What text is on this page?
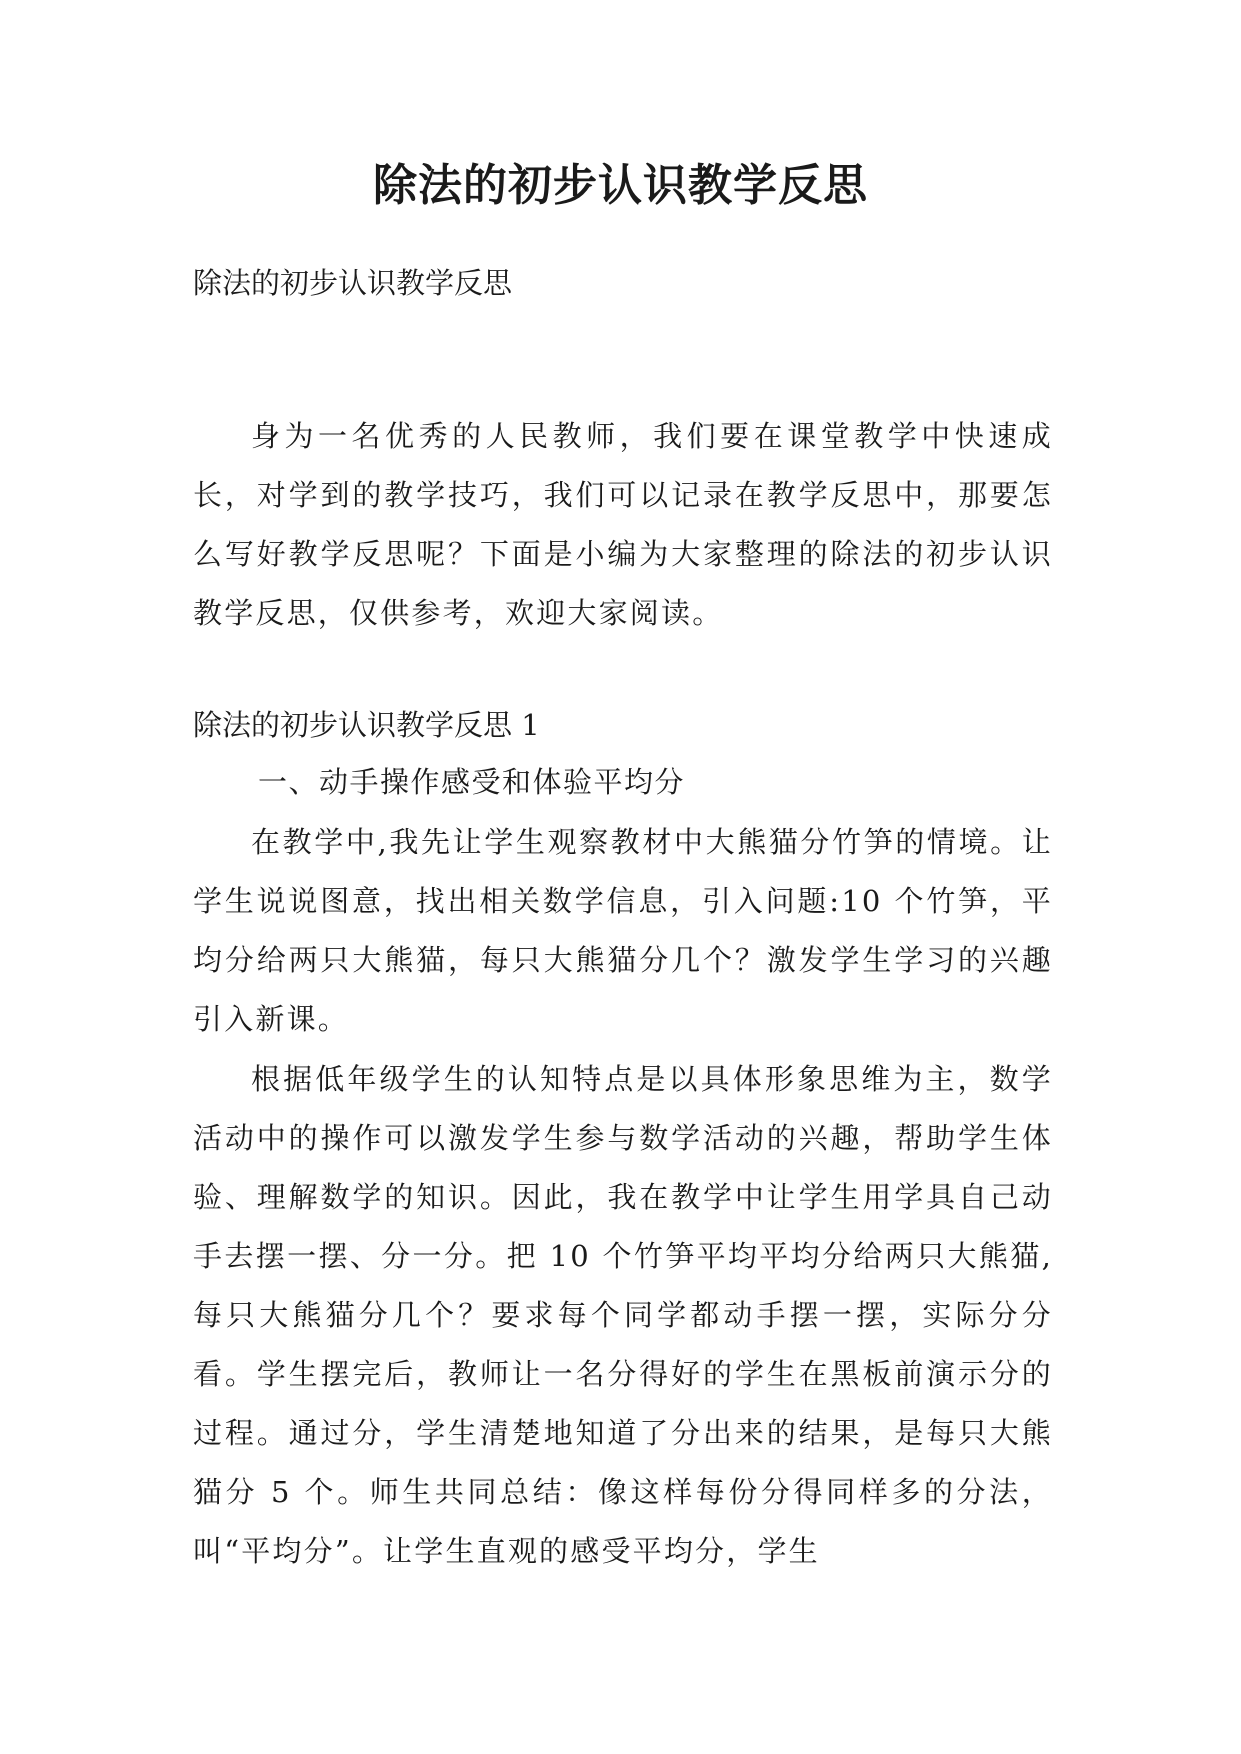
除法的初步认识教学反思

除法的初步认识教学反思

身为一名优秀的人民教师，我们要在课堂教学中快速成长，对学到的教学技巧，我们可以记录在教学反思中，那要怎么写好教学反思呢？下面是小编为大家整理的除法的初步认识教学反思，仅供参考，欢迎大家阅读。

除法的初步认识教学反思 1

一、动手操作感受和体验平均分

在教学中,我先让学生观察教材中大熊猫分竹笋的情境。让学生说说图意，找出相关数学信息，引入问题:10 个竹笋，平均分给两只大熊猫，每只大熊猫分几个？激发学生学习的兴趣引入新课。

根据低年级学生的认知特点是以具体形象思维为主，数学活动中的操作可以激发学生参与数学活动的兴趣，帮助学生体验、理解数学的知识。因此，我在教学中让学生用学具自己动手去摆一摆、分一分。把 10 个竹笋平均平均分给两只大熊猫,每只大熊猫分几个？要求每个同学都动手摆一摆，实际分分看。学生摆完后，教师让一名分得好的学生在黑板前演示分的过程。通过分，学生清楚地知道了分出来的结果，是每只大熊猫分 5 个。师生共同总结：像这样每份分得同样多的分法，叫“平均分”。让学生直观的感受平均分，学生
